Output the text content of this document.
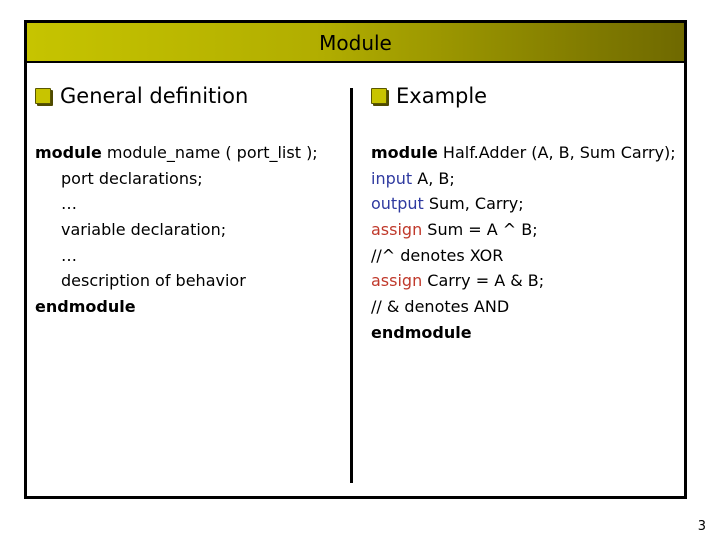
Module
General definition	Example
module module_name ( port_list );
port declarations;
…
variable declaration;
…
description of behavior
endmodule
module Half.Adder (A, B, Sum Carry);
input A, B;
output Sum, Carry;
assign Sum = A ^ B;
//^ denotes XOR
assign Carry = A & B;
// & denotes AND
endmodule
3
